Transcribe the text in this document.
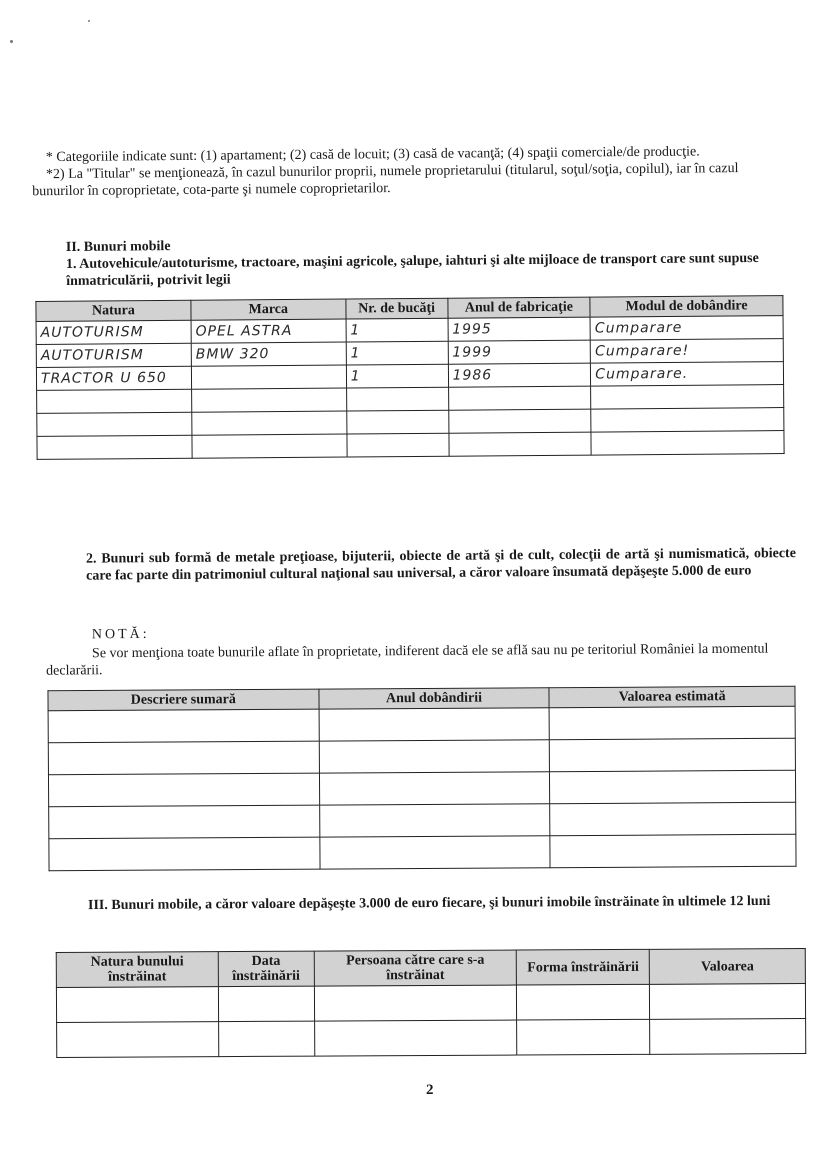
* Categoriile indicate sunt: (1) apartament; (2) casă de locuit; (3) casă de vacanţă; (4) spaţii comerciale/de producţie.

*2) La "Titular" se menţionează, în cazul bunurilor proprii, numele proprietarului (titularul, soţul/soţia, copilul), iar în cazul bunurilor în coproprietate, cota-parte şi numele coproprietarilor.

II. Bunuri mobile
1. Autovehicule/autoturisme, tractoare, maşini agricole, şalupe, iahturi şi alte mijloace de transport care sunt supuse înmatriculării, potrivit legii
Natura	Marca	Nr. de bucăţi	Anul de fabricaţie	Modul de dobândire
AUTOTURISM	OPEL ASTRA	1	1995	Cumparare
AUTOTURISM	BMW 320	1	1999	Cumparare!
TRACTOR U 650		1	1986	Cumparare.

2. Bunuri sub formă de metale preţioase, bijuterii, obiecte de artă şi de cult, colecţii de artă şi numismatică, obiecte care fac parte din patrimoniul cultural naţional sau universal, a căror valoare însumată depăşeşte 5.000 de euro
NOTĂ:

Se vor menţiona toate bunurile aflate în proprietate, indiferent dacă ele se află sau nu pe teritoriul României la momentul declarării.

Descriere sumară	Anul dobândirii	Valoarea estimată

III. Bunuri mobile, a căror valoare depăşeşte 3.000 de euro fiecare, şi bunuri imobile înstrăinate în ultimele 12 luni
Natura bunului înstrăinat	Data înstrăinării	Persoana către care s-a înstrăinat	Forma înstrăinării	Valoarea

2
